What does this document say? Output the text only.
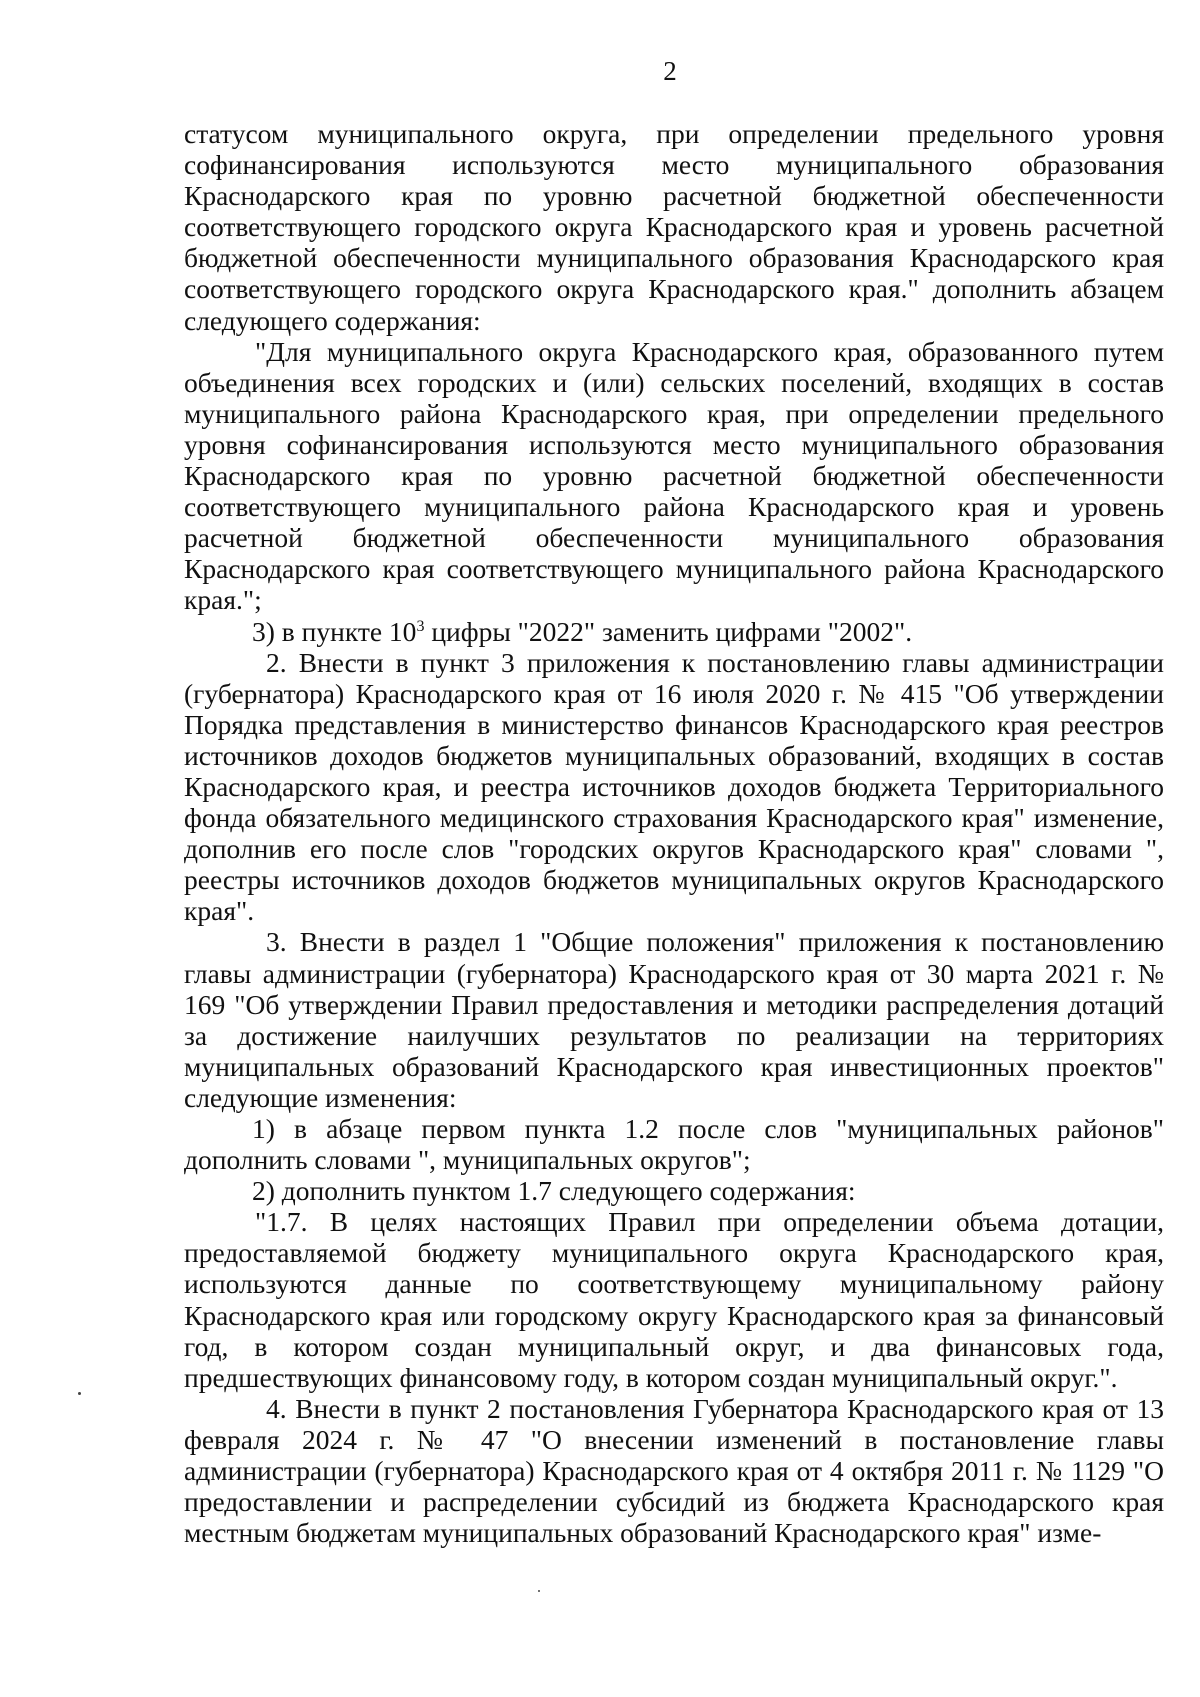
2

статусом муниципального округа, при определении предельного уровня софинансирования используются место муниципального образования Краснодарского края по уровню расчетной бюджетной обеспеченности соответствующего городского округа Краснодарского края и уровень расчетной бюджетной обеспеченности муниципального образования Краснодарского края соответствующего городского округа Краснодарского края." дополнить абзацем следующего содержания:

"Для муниципального округа Краснодарского края, образованного путем объединения всех городских и (или) сельских поселений, входящих в состав муниципального района Краснодарского края, при определении предельного уровня софинансирования используются место муниципального образования Краснодарского края по уровню расчетной бюджетной обеспеченности соответствующего муниципального района Краснодарского края и уровень расчетной бюджетной обеспеченности муниципального образования Краснодарского края соответствующего муниципального района Краснодарского края.";

3) в пункте $10^3$ цифры "2022" заменить цифрами "2002".

2. Внести в пункт 3 приложения к постановлению главы администрации (губернатора) Краснодарского края от 16 июля 2020 г. № 415 "Об утверждении Порядка представления в министерство финансов Краснодарского края реестров источников доходов бюджетов муниципальных образований, входящих в состав Краснодарского края, и реестра источников доходов бюджета Территориального фонда обязательного медицинского страхования Краснодарского края" изменение, дополнив его после слов "городских округов Краснодарского края" словами ", реестры источников доходов бюджетов муниципальных округов Краснодарского края".

3. Внести в раздел 1 "Общие положения" приложения к постановлению главы администрации (губернатора) Краснодарского края от 30 марта 2021 г. № 169 "Об утверждении Правил предоставления и методики распределения дотаций за достижение наилучших результатов по реализации на территориях муниципальных образований Краснодарского края инвестиционных проектов" следующие изменения:

1) в абзаце первом пункта 1.2 после слов "муниципальных районов" дополнить словами ", муниципальных округов";

2) дополнить пунктом 1.7 следующего содержания:

"1.7. В целях настоящих Правил при определении объема дотации, предоставляемой бюджету муниципального округа Краснодарского края, используются данные по соответствующему муниципальному району Краснодарского края или городскому округу Краснодарского края за финансовый год, в котором создан муниципальный округ, и два финансовых года, предшествующих финансовому году, в котором создан муниципальный округ.".

4. Внести в пункт 2 постановления Губернатора Краснодарского края от 13 февраля 2024 г. № 47 "О внесении изменений в постановление главы администрации (губернатора) Краснодарского края от 4 октября 2011 г. № 1129 "О предоставлении и распределении субсидий из бюджета Краснодарского края местным бюджетам муниципальных образований Краснодарского края" изме-
